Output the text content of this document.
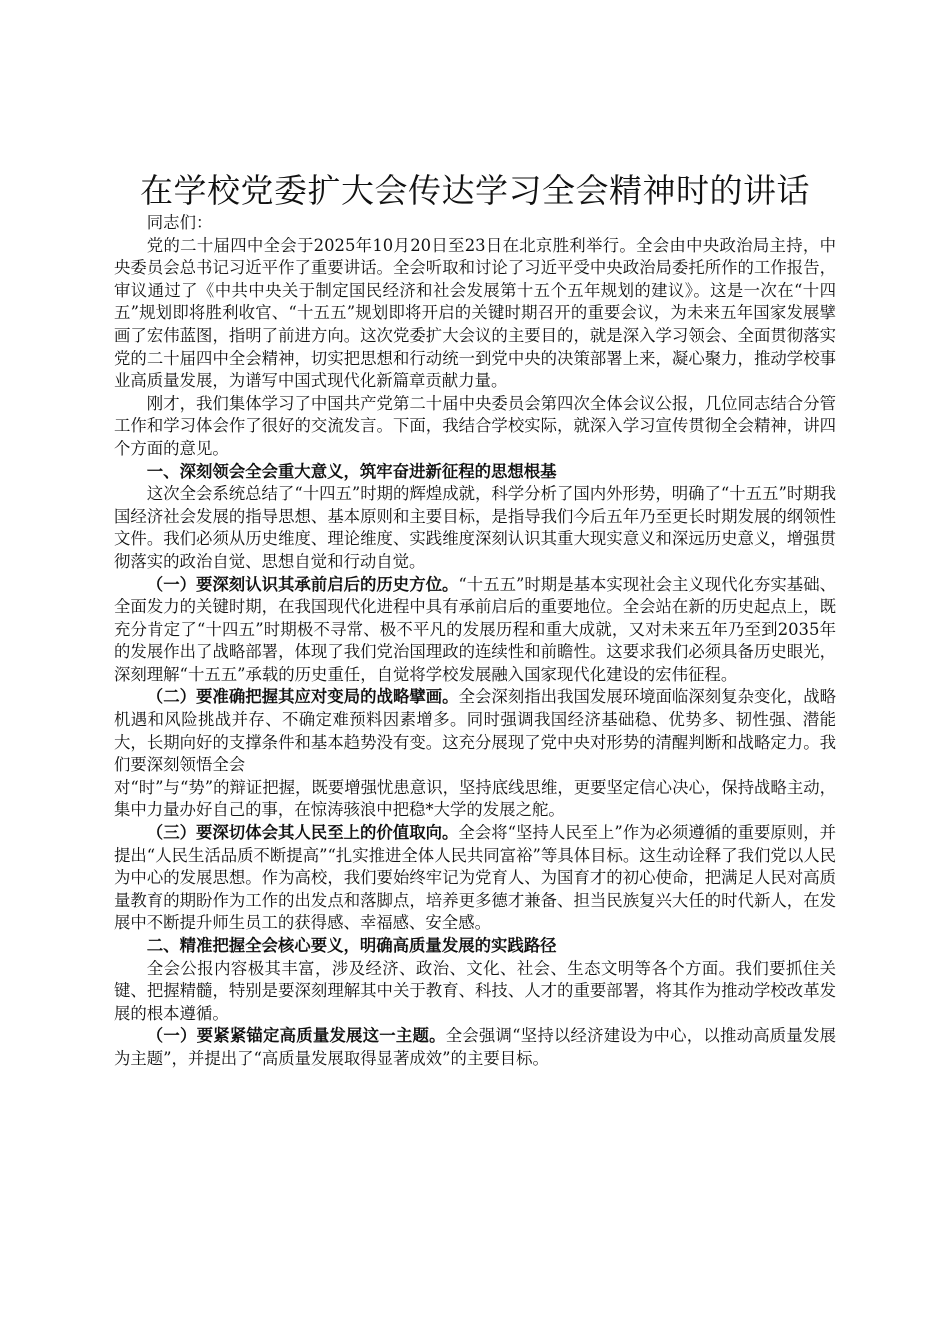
在学校党委扩大会传达学习全会精神时的讲话

同志们：

党的二十届四中全会于2025年10月20日至23日在北京胜利举行。全会由中央政治局主持，中央委员会总书记习近平作了重要讲话。全会听取和讨论了习近平受中央政治局委托所作的工作报告，审议通过了《中共中央关于制定国民经济和社会发展第十五个五年规划的建议》。这是一次在“十四五”规划即将胜利收官、“十五五”规划即将开启的关键时期召开的重要会议，为未来五年国家发展擘画了宏伟蓝图，指明了前进方向。这次党委扩大会议的主要目的，就是深入学习领会、全面贯彻落实党的二十届四中全会精神，切实把思想和行动统一到党中央的决策部署上来，凝心聚力，推动学校事业高质量发展，为谱写中国式现代化新篇章贡献力量。

刚才，我们集体学习了中国共产党第二十届中央委员会第四次全体会议公报，几位同志结合分管工作和学习体会作了很好的交流发言。下面，我结合学校实际，就深入学习宣传贯彻全会精神，讲四个方面的意见。

一、深刻领会全会重大意义，筑牢奋进新征程的思想根基

这次全会系统总结了“十四五”时期的辉煌成就，科学分析了国内外形势，明确了“十五五”时期我国经济社会发展的指导思想、基本原则和主要目标，是指导我们今后五年乃至更长时期发展的纲领性文件。我们必须从历史维度、理论维度、实践维度深刻认识其重大现实意义和深远历史意义，增强贯彻落实的政治自觉、思想自觉和行动自觉。

（一）要深刻认识其承前启后的历史方位。“十五五”时期是基本实现社会主义现代化夯实基础、全面发力的关键时期，在我国现代化进程中具有承前启后的重要地位。全会站在新的历史起点上，既充分肯定了“十四五”时期极不寻常、极不平凡的发展历程和重大成就，又对未来五年乃至到2035年的发展作出了战略部署，体现了我们党治国理政的连续性和前瞻性。这要求我们必须具备历史眼光，深刻理解“十五五”承载的历史重任，自觉将学校发展融入国家现代化建设的宏伟征程。

（二）要准确把握其应对变局的战略擘画。全会深刻指出我国发展环境面临深刻复杂变化，战略机遇和风险挑战并存、不确定难预料因素增多。同时强调我国经济基础稳、优势多、韧性强、潜能大，长期向好的支撑条件和基本趋势没有变。这充分展现了党中央对形势的清醒判断和战略定力。我们要深刻领悟全会

对“时”与“势”的辩证把握，既要增强忧患意识，坚持底线思维，更要坚定信心决心，保持战略主动，集中力量办好自己的事，在惊涛骇浪中把稳*大学的发展之舵。

（三）要深切体会其人民至上的价值取向。全会将“坚持人民至上”作为必须遵循的重要原则，并提出“人民生活品质不断提高”“扎实推进全体人民共同富裕”等具体目标。这生动诠释了我们党以人民为中心的发展思想。作为高校，我们要始终牢记为党育人、为国育才的初心使命，把满足人民对高质量教育的期盼作为工作的出发点和落脚点，培养更多德才兼备、担当民族复兴大任的时代新人，在发展中不断提升师生员工的获得感、幸福感、安全感。

二、精准把握全会核心要义，明确高质量发展的实践路径

全会公报内容极其丰富，涉及经济、政治、文化、社会、生态文明等各个方面。我们要抓住关键、把握精髓，特别是要深刻理解其中关于教育、科技、人才的重要部署，将其作为推动学校改革发展的根本遵循。

（一）要紧紧锚定高质量发展这一主题。全会强调“坚持以经济建设为中心，以推动高质量发展为主题”，并提出了“高质量发展取得显著成效”的主要目标。
